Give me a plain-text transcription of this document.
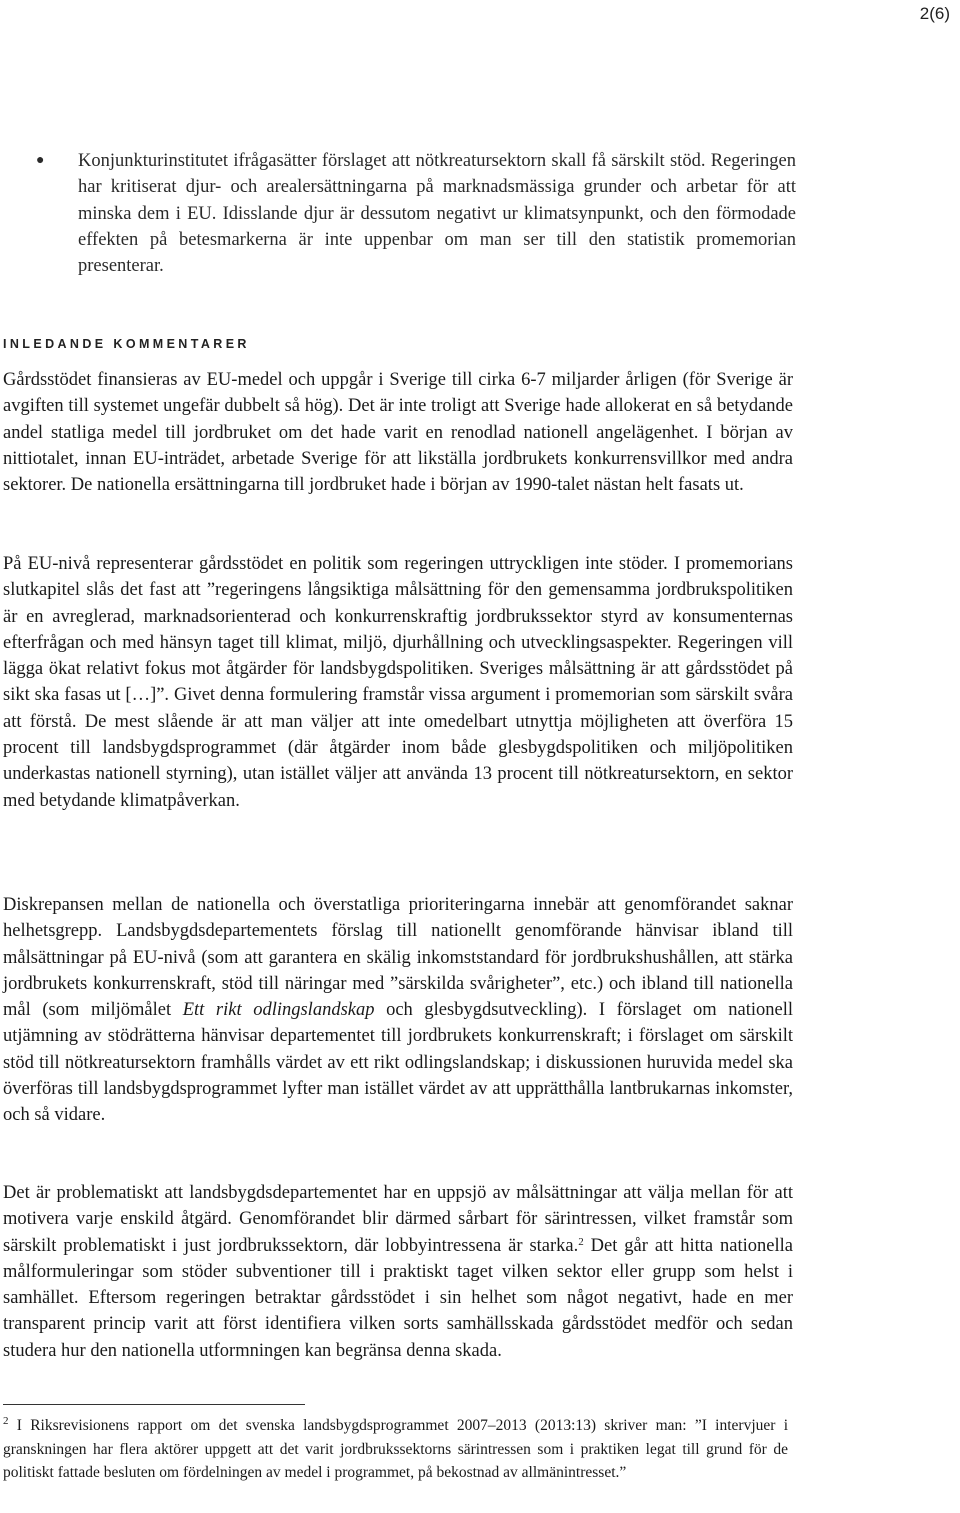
2(6)
●	Konjunkturinstitutet ifrågasätter förslaget att nötkreatursektorn skall få särskilt stöd. Regeringen har kritiserat djur- och arealersättningarna på marknadsmässiga grunder och arbetar för att minska dem i EU. Idisslande djur är dessutom negativt ur klimatsynpunkt, och den förmodade effekten på betesmarkerna är inte uppenbar om man ser till den statistik promemorian presenterar.
INLEDANDE KOMMENTARER

Gårdsstödet finansieras av EU-medel och uppgår i Sverige till cirka 6-7 miljarder årligen (för Sverige är avgiften till systemet ungefär dubbelt så hög). Det är inte troligt att Sverige hade allokerat en så betydande andel statliga medel till jordbruket om det hade varit en renodlad nationell angelägenhet. I början av nittiotalet, innan EU-inträdet, arbetade Sverige för att likställa jordbrukets konkurrensvillkor med andra sektorer. De nationella ersättningarna till jordbruket hade i början av 1990-talet nästan helt fasats ut.

På EU-nivå representerar gårdsstödet en politik som regeringen uttryckligen inte stöder. I promemorians slutkapitel slås det fast att ”regeringens långsiktiga målsättning för den gemensamma jordbrukspolitiken är en avreglerad, marknadsorienterad och konkurrenskraftig jordbrukssektor styrd av konsumenternas efterfrågan och med hänsyn taget till klimat, miljö, djurhållning och utvecklingsaspekter. Regeringen vill lägga ökat relativt fokus mot åtgärder för landsbygdspolitiken. Sveriges målsättning är att gårdsstödet på sikt ska fasas ut […]”. Givet denna formulering framstår vissa argument i promemorian som särskilt svåra att förstå. De mest slående är att man väljer att inte omedelbart utnyttja möjligheten att överföra 15 procent till landsbygdsprogrammet (där åtgärder inom både glesbygdspolitiken och miljöpolitiken underkastas nationell styrning), utan istället väljer att använda 13 procent till nötkreatursektorn, en sektor med betydande klimatpåverkan.

Diskrepansen mellan de nationella och överstatliga prioriteringarna innebär att genomförandet saknar helhetsgrepp. Landsbygdsdepartementets förslag till nationellt genomförande hänvisar ibland till målsättningar på EU-nivå (som att garantera en skälig inkomststandard för jordbrukshushållen, att stärka jordbrukets konkurrenskraft, stöd till näringar med ”särskilda svårigheter”, etc.) och ibland till nationella mål (som miljömålet Ett rikt odlingslandskap och glesbygdsutveckling). I förslaget om nationell utjämning av stödrätterna hänvisar departementet till jordbrukets konkurrenskraft; i förslaget om särskilt stöd till nötkreatursektorn framhålls värdet av ett rikt odlingslandskap; i diskussionen huruvida medel ska överföras till landsbygdsprogrammet lyfter man istället värdet av att upprätthålla lantbrukarnas inkomster, och så vidare.

Det är problematiskt att landsbygdsdepartementet har en uppsjö av målsättningar att välja mellan för att motivera varje enskild åtgärd. Genomförandet blir därmed sårbart för särintressen, vilket framstår som särskilt problematiskt i just jordbrukssektorn, där lobbyintressena är starka.$^2$ Det går att hitta nationella målformuleringar som stöder subventioner till i praktiskt taget vilken sektor eller grupp som helst i samhället. Eftersom regeringen betraktar gårdsstödet i sin helhet som något negativt, hade en mer transparent princip varit att först identifiera vilken sorts samhällsskada gårdsstödet medför och sedan studera hur den nationella utformningen kan begränsa denna skada.

$^2$ I Riksrevisionens rapport om det svenska landsbygdsprogrammet 2007–2013 (2013:13) skriver man: ”I intervjuer i granskningen har flera aktörer uppgett att det varit jordbrukssektorns särintressen som i praktiken legat till grund för de politiskt fattade besluten om fördelningen av medel i programmet, på bekostnad av allmänintresset.”
